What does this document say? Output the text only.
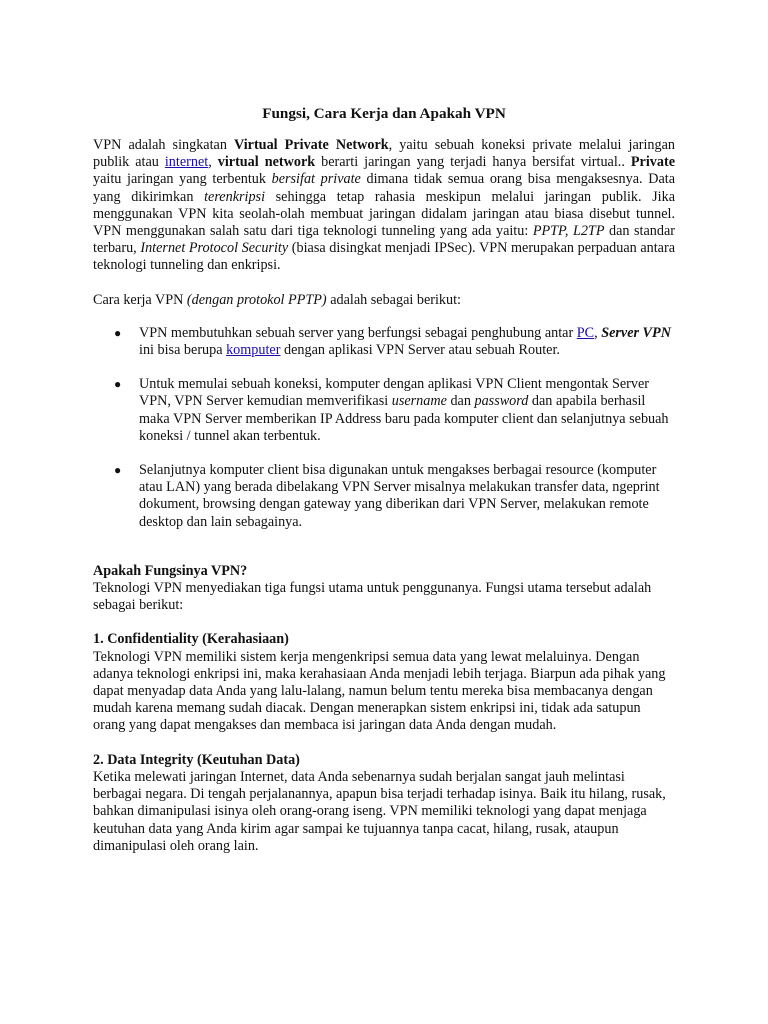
Fungsi, Cara Kerja dan Apakah VPN

VPN adalah singkatan Virtual Private Network, yaitu sebuah koneksi private melalui jaringan publik atau internet, virtual network berarti jaringan yang terjadi hanya bersifat virtual.. Private yaitu jaringan yang terbentuk bersifat private dimana tidak semua orang bisa mengaksesnya. Data yang dikirimkan terenkripsi sehingga tetap rahasia meskipun melalui jaringan publik. Jika menggunakan VPN kita seolah-olah membuat jaringan didalam jaringan atau biasa disebut tunnel. VPN menggunakan salah satu dari tiga teknologi tunneling yang ada yaitu: PPTP, L2TP dan standar terbaru, Internet Protocol Security (biasa disingkat menjadi IPSec). VPN merupakan perpaduan antara teknologi tunneling dan enkripsi.

Cara kerja VPN (dengan protokol PPTP) adalah sebagai berikut:

● VPN membutuhkan sebuah server yang berfungsi sebagai penghubung antar PC, Server VPN ini bisa berupa komputer dengan aplikasi VPN Server atau sebuah Router.
● Untuk memulai sebuah koneksi, komputer dengan aplikasi VPN Client mengontak Server VPN, VPN Server kemudian memverifikasi username dan password dan apabila berhasil maka VPN Server memberikan IP Address baru pada komputer client dan selanjutnya sebuah koneksi / tunnel akan terbentuk.
● Selanjutnya komputer client bisa digunakan untuk mengakses berbagai resource (komputer atau LAN) yang berada dibelakang VPN Server misalnya melakukan transfer data, ngeprint dokument, browsing dengan gateway yang diberikan dari VPN Server, melakukan remote desktop dan lain sebagainya.

Apakah Fungsinya VPN?

Teknologi VPN menyediakan tiga fungsi utama untuk penggunanya. Fungsi utama tersebut adalah sebagai berikut:

1. Confidentiality (Kerahasiaan)

Teknologi VPN memiliki sistem kerja mengenkripsi semua data yang lewat melaluinya. Dengan adanya teknologi enkripsi ini, maka kerahasiaan Anda menjadi lebih terjaga. Biarpun ada pihak yang dapat menyadap data Anda yang lalu-lalang, namun belum tentu mereka bisa membacanya dengan mudah karena memang sudah diacak. Dengan menerapkan sistem enkripsi ini, tidak ada satupun orang yang dapat mengakses dan membaca isi jaringan data Anda dengan mudah.

2. Data Integrity (Keutuhan Data)

Ketika melewati jaringan Internet, data Anda sebenarnya sudah berjalan sangat jauh melintasi berbagai negara. Di tengah perjalanannya, apapun bisa terjadi terhadap isinya. Baik itu hilang, rusak, bahkan dimanipulasi isinya oleh orang-orang iseng. VPN memiliki teknologi yang dapat menjaga keutuhan data yang Anda kirim agar sampai ke tujuannya tanpa cacat, hilang, rusak, ataupun dimanipulasi oleh orang lain.
